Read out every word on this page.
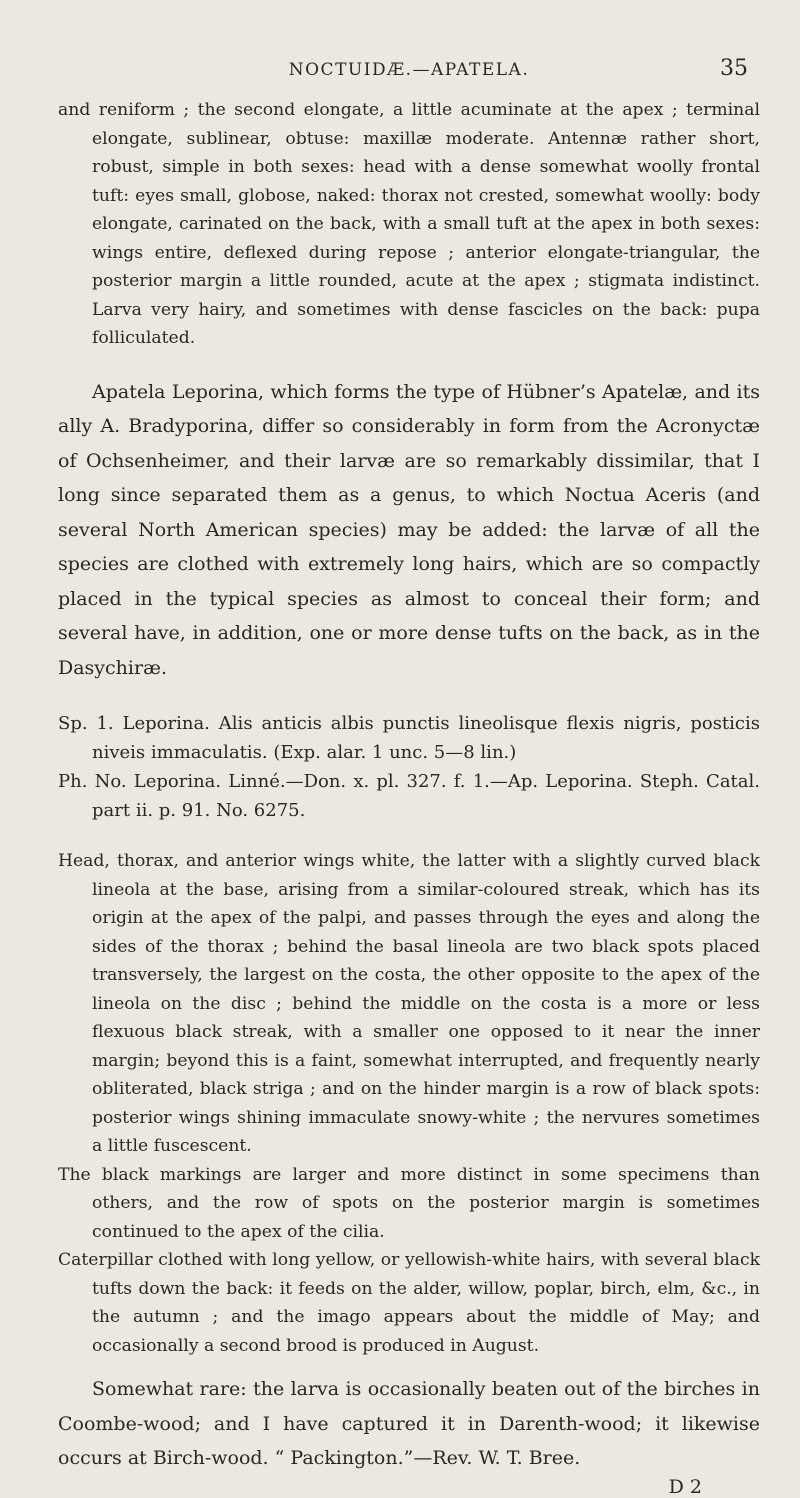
NOCTUIDÆ.—APATELA.	35

and reniform ; the second elongate, a little acuminate at the apex ; terminal elongate, sublinear, obtuse: maxillæ moderate. Antennæ rather short, robust, simple in both sexes: head with a dense somewhat woolly frontal tuft: eyes small, globose, naked: thorax not crested, somewhat woolly: body elongate, carinated on the back, with a small tuft at the apex in both sexes: wings entire, deflexed during repose ; anterior elongate-triangular, the posterior margin a little rounded, acute at the apex ; stigmata indistinct. Larva very hairy, and sometimes with dense fascicles on the back: pupa folliculated.

Apatela Leporina, which forms the type of Hübner’s Apatelæ, and its ally A. Bradyporina, differ so considerably in form from the Acronyctæ of Ochsenheimer, and their larvæ are so remarkably dissimilar, that I long since separated them as a genus, to which Noctua Aceris (and several North American species) may be added: the larvæ of all the species are clothed with extremely long hairs, which are so compactly placed in the typical species as almost to conceal their form; and several have, in addition, one or more dense tufts on the back, as in the Dasychiræ.

Sp. 1. Leporina. Alis anticis albis punctis lineolisque flexis nigris, posticis niveis immaculatis. (Exp. alar. 1 unc. 5—8 lin.)

Ph. No. Leporina. Linné.—Don. x. pl. 327. f. 1.—Ap. Leporina. Steph. Catal. part ii. p. 91. No. 6275.

Head, thorax, and anterior wings white, the latter with a slightly curved black lineola at the base, arising from a similar-coloured streak, which has its origin at the apex of the palpi, and passes through the eyes and along the sides of the thorax ; behind the basal lineola are two black spots placed transversely, the largest on the costa, the other opposite to the apex of the lineola on the disc ; behind the middle on the costa is a more or less flexuous black streak, with a smaller one opposed to it near the inner margin; beyond this is a faint, somewhat interrupted, and frequently nearly obliterated, black striga ; and on the hinder margin is a row of black spots: posterior wings shining immaculate snowy-white ; the nervures sometimes a little fuscescent.

The black markings are larger and more distinct in some specimens than others, and the row of spots on the posterior margin is sometimes continued to the apex of the cilia.

Caterpillar clothed with long yellow, or yellowish-white hairs, with several black tufts down the back: it feeds on the alder, willow, poplar, birch, elm, &c., in the autumn ; and the imago appears about the middle of May; and occasionally a second brood is produced in August.

Somewhat rare: the larva is occasionally beaten out of the birches in Coombe-wood; and I have captured it in Darenth-wood; it likewise occurs at Birch-wood. “ Packington.”—Rev. W. T. Bree.

D 2
